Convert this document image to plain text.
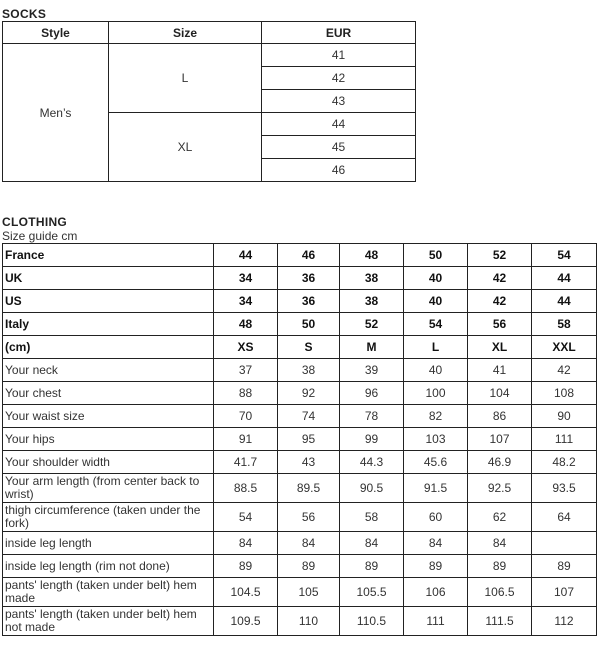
SOCKS
Style	Size	EUR
Men’s	L	41
		42
		43
	XL	44
		45
		46
CLOTHING
Size guide cm
France	44	46	48	50	52	54
UK	34	36	38	40	42	44
US	34	36	38	40	42	44
Italy	48	50	52	54	56	58
(cm)	XS	S	M	L	XL	XXL
Your neck	37	38	39	40	41	42
Your chest	88	92	96	100	104	108
Your waist size	70	74	78	82	86	90
Your hips	91	95	99	103	107	111
Your shoulder width	41.7	43	44.3	45.6	46.9	48.2
Your arm length (from center back to wrist)	88.5	89.5	90.5	91.5	92.5	93.5
thigh circumference (taken under the fork)	54	56	58	60	62	64
inside leg length	84	84	84	84	84	
inside leg length (rim not done)	89	89	89	89	89	89
pants' length (taken under belt) hem made	104.5	105	105.5	106	106.5	107
pants' length (taken under belt) hem not made	109.5	110	110.5	111	111.5	112
